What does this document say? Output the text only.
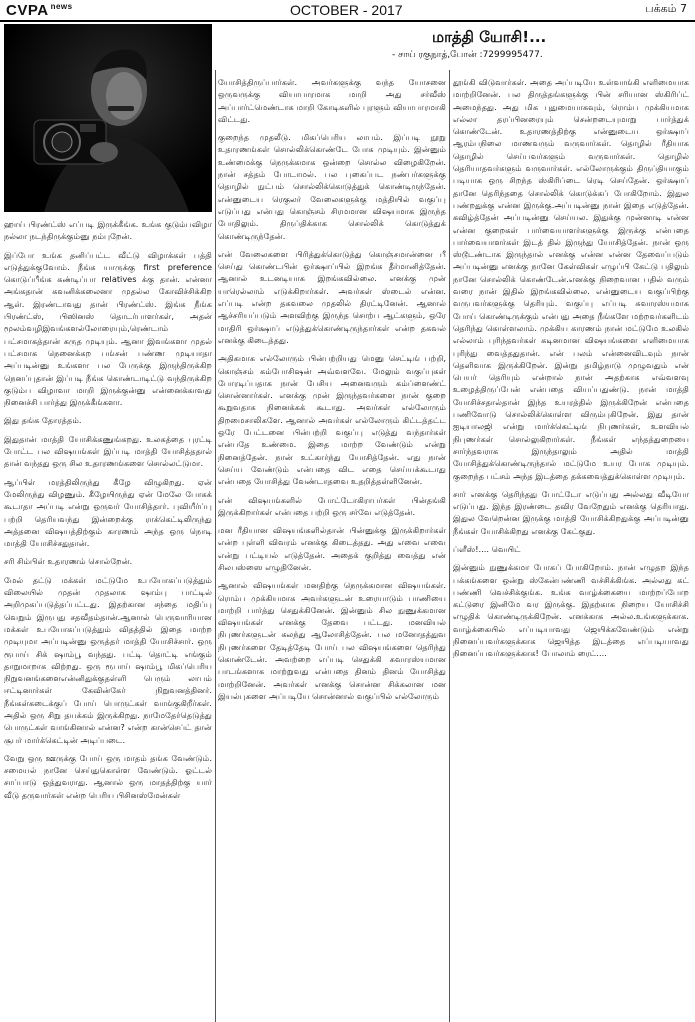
CVPA $^{news}$	OCTOBER - 2017	பக்கம் 7
மாத்தி யோசி!...
- சாய் ரகுநாத்,போன் :7299995477.

ஹாய் பிரண்ட்ஸ் எப்படி இருக்கீங்க. உங்க குடும்பவிழா நல்லா நடந்திருக்கும்னு நம்புறேன்.

இப்போ உங்க தனிப்பட்ட வீட்டு விழாக்கள் பத்தி எடுத்துக்குவோம். நீங்க யாருக்கு first preference கொடுப்பீங்க கண்டிப்பா relatives க்கு தான். என்னா அங்கதான் கவனிக்கலைனா முதல்ல கோவிச்சிக்கிற ஆள். இரண்டாவது தான் பிரண்ட்ஸ். இங்க நீங்க பிரண்ட்ஸ், பிஸினஸ் தொடர்பாளர்கள், அதன் மூலம்வழிஇவங்களல்லோரையும்,ரெண்டாம் பட்சமாகத்தான் கருத முடியும். ஆனா இவங்களா முதல் பட்சமாக நெனைக்கற பங்சன் பண்ண முடியாதா அப்படின்னு உங்களா பல பேருக்கு இருந்திருக்கிற நெனப்புதான் இப்படி நீங்க கொண்டாடிட்டு வந்திருக்கிற குடும்ப விழாவா மாறி இருக்குன்னு என்னைக்காவது நினைச்சி பார்த்து இருக்கீங்களா.

இது தங்க தோரத்தம்.

இதுதான் மாத்தி யோசிக்கணுங்கறது. உலகத்தை புரட்டி போட்ட பல விஷயங்கள் இப்படி மாத்தி யோசித்ததால் தான் வந்தது ஒரு சில உதாரணங்களை சொல்லட்டுமா.

ஆப்பிள் மரத்திலிருந்து கீழே விழுகிறது. ஏன் மேலிருந்து விழணும். கீழேயிருந்து ஏன் மேலே போகக் கூடாதா அப்படி என்று ஒருவர் யோசித்தார். புவியீர்ப்பு பற்றி தெரியவந்து இன்றைக்கு ராக்கெட்டிலிருந்து அத்தனை விஷயத்திற்கும் காரணம் அந்த ஒரு நொடி மாத்தி யோசிச்சதுதான்.

சரி சிம்பிள் உதாரணம் சொல்றேன்.

மேல் தட்டு மக்கள் மட்டுமே உபயோகப்படுத்தும் விலையில் முதன் முதலாக ஷாம்பு பாட்டில் அறிமுகப்படுத்தப்பட்டது. இதற்கான சந்தை மதிப்பு வெறும் இருபது சதவீதம்தான்.ஆனால் பெருவாரியான மக்கள் உபயோகப்படுத்தும் விதத்தில் இதை மாற்ற முடியுமா அப்படின்னு ஒருத்தர் மாத்தி யோசிச்சார். ஒரு ரூபாய் சிக் ஷாம்பூ வந்தது. பட்டி தொட்டி எங்கும் தாறுமாறாக விற்றது. ஒரு ரூபாய் ஷாம்பூ மிகப்பெரிய நிறுவனங்களைஎன்னிதுக்குதள்ளி பெரும் லாபம் ஈட்டினார்கள் கேவின்கேர் நிறுவனத்தினர். நீங்கள்கடைக்குப் போய் பொருட்கள் வாங்குகிறீர்கள். அதில் ஒரு சிறு தயக்கம் இருக்கிறது. நாமேதேர்தெடுத்து பொருட்கள் வாங்கினால் என்ன? என்ற கான்செப்ட் தான் சூபர் மார்க்கெட்டின் அடிப்படை.

வேறு ஒரு ஊருக்கு போய் ஒரு மாதம் தங்க வேண்டும். சமையல் நானே செய்துகொள்ள வேண்டும். ஓட்டல் சாப்பாடு ஒத்துவராது. ஆனால் ஒரு மாதத்திற்கு யார் வீடு தருவார்கள் என்ற பெரிய பிசினஸ்மேன்கள்

யோசித்திருப்பார்கள். அவர்களுக்கு வந்த யோசனை ஒருவருக்கு வியாபாரமாக மாறி அது சர்வீஸ் அப்பார்ட்மெண்டாக மாறி கோடிகளில் புரளும் வியாபாரமாகி விட்டது.

குறைந்த முதலீடு. மிகப்பெரிய லாபம். இப்படி நூறு உதாரணங்கள் சொல்லிக்கொண்டே போக முடியும். இன்னும் உண்மைக்கு நெருக்கமாக ஒன்றை சொல்ல விழைகிறேன். நான் சத்தம் போடாமல். பல புகைப்பட நண்பர்களுக்கு தொழில் நுட்பம் சொல்லிக்கொடுத்துக் கொண்டிருந்தேன். என்னுடைய ரெகுலர் வேலைகளுக்கு மத்தியில் வகுப்பு எடுப்பது என்பது கொஞ்சம் சிரமமான விஷயமாக இருந்த போதிலும். திருப்திக்காக சொல்லிக் கொடுத்துக் கொண்டிருந்தேன்.

என் வேலைகளை பிரித்துக்கொடுத்து கொஞ்சமான்னை பீ செய்து கொண்டபின் ஒர்க்ஷாப்பில் இறங்க தீர்மானித்தேன். ஆனால் உடனடியாக இறங்கவில்லை. எனக்கு முன் யாரெல்லாம் எடுக்கிறார்கள். அவர்கள் ஸ்டைல் என்ன. எப்படி என்ற தகவலை முதலில் திரட்டினேன். ஆனால் ஆச்சரியப்படும் அளவிற்கு இருந்த சொற்ப ஆட்களும், ஒரே மாதிரி ஒர்க்ஷாப் எடுத்துக்கொண்டிருந்தார்கள் என்ற தகவல் எனக்கு கிடைத்தது.

அதிகமாக எல்லோரும் பின்பற்றியது மெனு செட்டிங் பற்றி, கொஞ்சம் கம்போசிஷன் அவ்வளவே. மேலும் வகுப்புகள் போரடிப்பதாக நான் பேசிய அனைவரும் கம்ப்ளைண்ட் சொன்னார்கள். எனக்கு முன் இருந்தவர்களை நான் குறை கூறுவதாக நினைக்கக் கூடாது. அவர்கள் எல்லோரும் திறமைசாலிகளே. ஆனால் அவர்கள் எல்லோரும் கிட்டத்தட்ட ஒரே பேட்டனை பின்பற்றி வகுப்பு எடுத்து வந்தார்கள் என்பதே உண்மை. இதை மாற்ற வேண்டும் என்று நினைத்தேன். நான் உட்கார்ந்து யோசித்தேன். எது நான் செய்ய வேண்டும் என்பதை விட எதை செய்யக்கூடாது என்பதை யோசித்து வேண்டாதவை உதறித்தள்ளினேன்.

என் விஷயங்களில் போட்டோகிராபர்கள் பின்தங்கி இருக்கிறார்கள் என்பதை பற்றி ஒரு சர்வே எடுத்தேன்.

மன ரீதியான விஷயங்களில்தான் பின்னுக்கு இருக்கிறார்கள் என்ற புள்ளி விவரம் எனக்கு கிடைத்தது. அது எவை எவை என்று பட்டியல் எடுத்தேன். அதைக் குறித்து வைத்து என் சிலபஸ்ஸை எழுதினேன்.

ஆனால் விஷயங்கள் மனதிற்கு நெருக்கமான விஷயங்கள். ரொம்ப முக்கியமாக அவர்களுடன் உரையாடும் பாணியை மாற்றி பார்த்து செதுக்கினேன். இன்னும் சில நுணுக்கமான விஷயங்கள் எனக்கு தேவை பட்டது. மனவியல் நிபுணர்களுடன் கலந்து ஆலோசித்தேன். பல மனோதத்துவ நிபுணர்களை தேடித்தேடி போய் பல விஷயங்களை தெரிந்து கொண்டேன். அவற்றை எப்படி செதுக்கி சுவாரஸ்யமான பாடங்களாக மாற்றுவது என்பதை தினம் தினம் யோசித்து மாற்றினேன். அவர்கள் எனக்கு சொன்ன சிக்கலான மன இயல்புகளை அப்படியே சொன்னால் வகுப்பில் எல்லோரும்

தூங்கி விடுவார்கள். அதை அப்படியே உள்வாங்கி எளிமையாக மாற்றினேன். பல திருத்தங்களுக்கு பின் சரியான ஸ்கிரிப்ட் அமைந்தது. அது மிக புதுமையாகவும், ரொம்ப முக்கியமாக எல்லா தரப்பினரையும் சென்றடையுமாறு பார்த்துக் கொண்டேன். உதாரணத்திற்கு என்னுடைய ஒர்க்ஷாப் ஆரம்பநிலை மாணவரும் வருவார்கள். தொழில் ரீதியாக தொழில் செய்பவர்களும் வருவார்கள். தொழில் தெரியாதவர்களும் வருவார்கள். எல்லோருக்கும் திருப்தியாகும் படியாக ஒரு சிறந்த ஸ்கிரிப்டை ரெடி செய்தேன். ஒர்க்ஷாப் தானே தெரிந்ததை சொல்லிக் கொடுக்கப் போகிறோம். இதுல பண்றதுக்கு என்ன இருக்கு.அப்படின்னு நான் இதை எடுத்தேன். கவிழ்த்தேன் அப்படின்னு செய்யல. இதுக்கு முன்னாடி என்ன என்ன குறைகள் பார்வையாளர்களுக்கு இருக்கு என்பதை பார்வையாளர்கள் இடத் தில் இருந்து யோசித்தேன். நான் ஒரு ஸ்டூடண்டாக இருந்தால் எனக்கு என்ன என்ன தேவைப்படும் அப்படின்னு எனக்கு நானே கேள்விகள் எழுப்பி கேட்டு பதிலும் நானே சொல்லிக் கொண்டேன்.எனக்கு நிறைவான பதில் வரும் வரை நான் இதில் இறங்கவில்லை. என்னுடைய வகுப்பிற்கு வருபவர்களுக்கு தெரியும். வகுப்பு எப்படி சுவாரஸ்யமாக போய் கொண்டிருக்கும் என்பது அதை நீங்களே மற்றவர்களிடம் தெரிந்து கொள்ளலாம். முக்கிய காரணம் நான் மட்டுமே உலகில் எல்லாம் புரிந்தவர்கள் கடினமான விஷயங்களை எளிமையாக புரிந்து வைத்ததுதான். என் பலம் என்னைவிடவும் நான் தெளிவாக இருக்கிறேன். இன்று தமிழ்நாடு முழுவதும் என் பெயர் தெரியும் என்றால் நான் அதற்காக எவ்வளவு உழைத்திருப்பேன் என்பதை வியப்பதுண்டு. நான் மாத்தி யோசிச்சதால்தான் இந்த உயரத்தில் இருக்கிறேன் என்பதை பணிவோடு சொல்லிக்கொள்ள விரும்புகிறேன். இது தான் ஐடியாலஜி என்று மார்க்கெட்டிங் நிபுணர்கள், உளவியல் நிபுணர்கள் சொல்லுகிறார்கள். நீங்கள் எந்தத்துறையை சார்ந்தவராக இருந்தாலும் அதில் மாத்தி யோசித்துக்கொண்டிருந்தால் மட்டுமே உயர போக முடியும். குறைந்த பட்சம் அந்த இடத்தை தக்கவைத்துக்கொள்ள முடியும்.

சார் எனக்கு தெரிந்தது போட்டோ எடுப்பது அல்லது வீடியோ எடுப்பது. இந்த இரண்டை தவிர வேறேதும் எனக்கு தெரியாது. இதுல வேறென்ன இருக்கு மாத்தி யோசிக்கிறதுக்கு அப்படின்னு நீங்கள் யோசிக்கிறது எனக்கு கேட்குது.

ப்ளீஸ்!.... வெயிட்

இன்னும் நுணுக்கமா போகப் போகிறோம். நான் எழுதற இந்த பக்கங்களை ஒன்று ஸ்கேன்பண்ணி வச்சிக்கிங்க. அல்லது கட் பண்ணி வெச்சிக்குங்க. உங்க வாழ்க்கையை மாற்றப்போற கட்டுரை இனிமே வர இருக்கு. இதற்காக நிறைய யோசிச்சி எழுதிக் கொண்டிருக்கிறேன். எனக்காக அல்ல.உங்களுக்காக. வாழ்க்கையில் எப்படியாவது ஜெயிக்கவேண்டும் என்று நினைப்பவர்களுக்காக ஜெயித்த இடத்தை எப்படியாவது நினைப்பவர்களுக்காக! போலாம் ரைட்....
